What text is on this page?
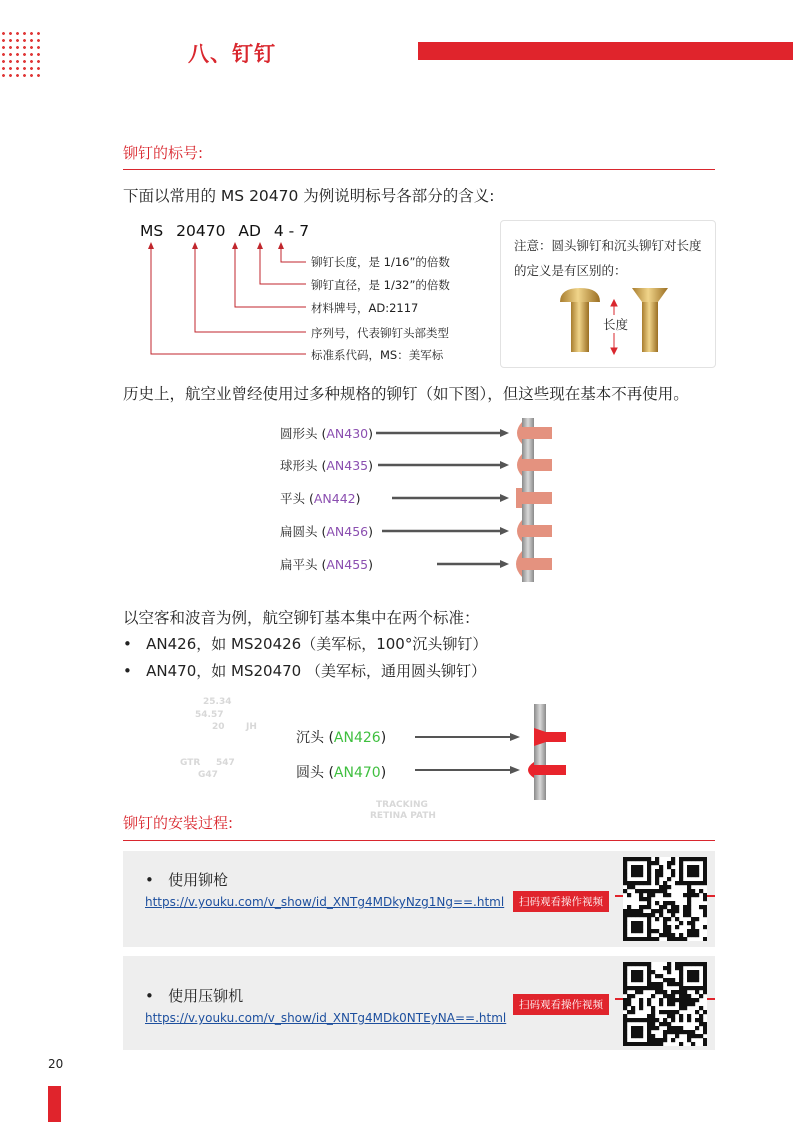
八、钉钉
铆钉的标号:
下面以常用的 MS 20470 为例说明标号各部分的含义:
MS 20470 AD 4 - 7
铆钉长度，是 1/16”的倍数
铆钉直径，是 1/32”的倍数
材料牌号，AD:2117
序列号，代表铆钉头部类型
标准系代码，MS：美军标
注意：圆头铆钉和沉头铆钉对长度的定义是有区别的：
长度
历史上，航空业曾经使用过多种规格的铆钉（如下图），但这些现在基本不再使用。
以空客和波音为例，航空铆钉基本集中在两个标准：
•   AN426，如 MS20426（美军标，100°沉头铆钉）
•   AN470，如 MS20470 （美军标，通用圆头铆钉）
25.34
54.57
20 JH
GTR 547
G47
TRACKING
RETINA PATH
沉头 (AN426)
圆头 (AN470)
铆钉的安装过程:
•   使用铆枪
https://v.youku.com/v_show/id_XNTg4MDkyNzg1Ng==.html	扫码观看操作视频
•   使用压铆机
https://v.youku.com/v_show/id_XNTg4MDk0NTEyNA==.html
扫码观看操作视频
20
圆形头 (AN430)
球形头 (AN435)
平头 (AN442)
扁圆头 (AN456)
扁平头 (AN455)
